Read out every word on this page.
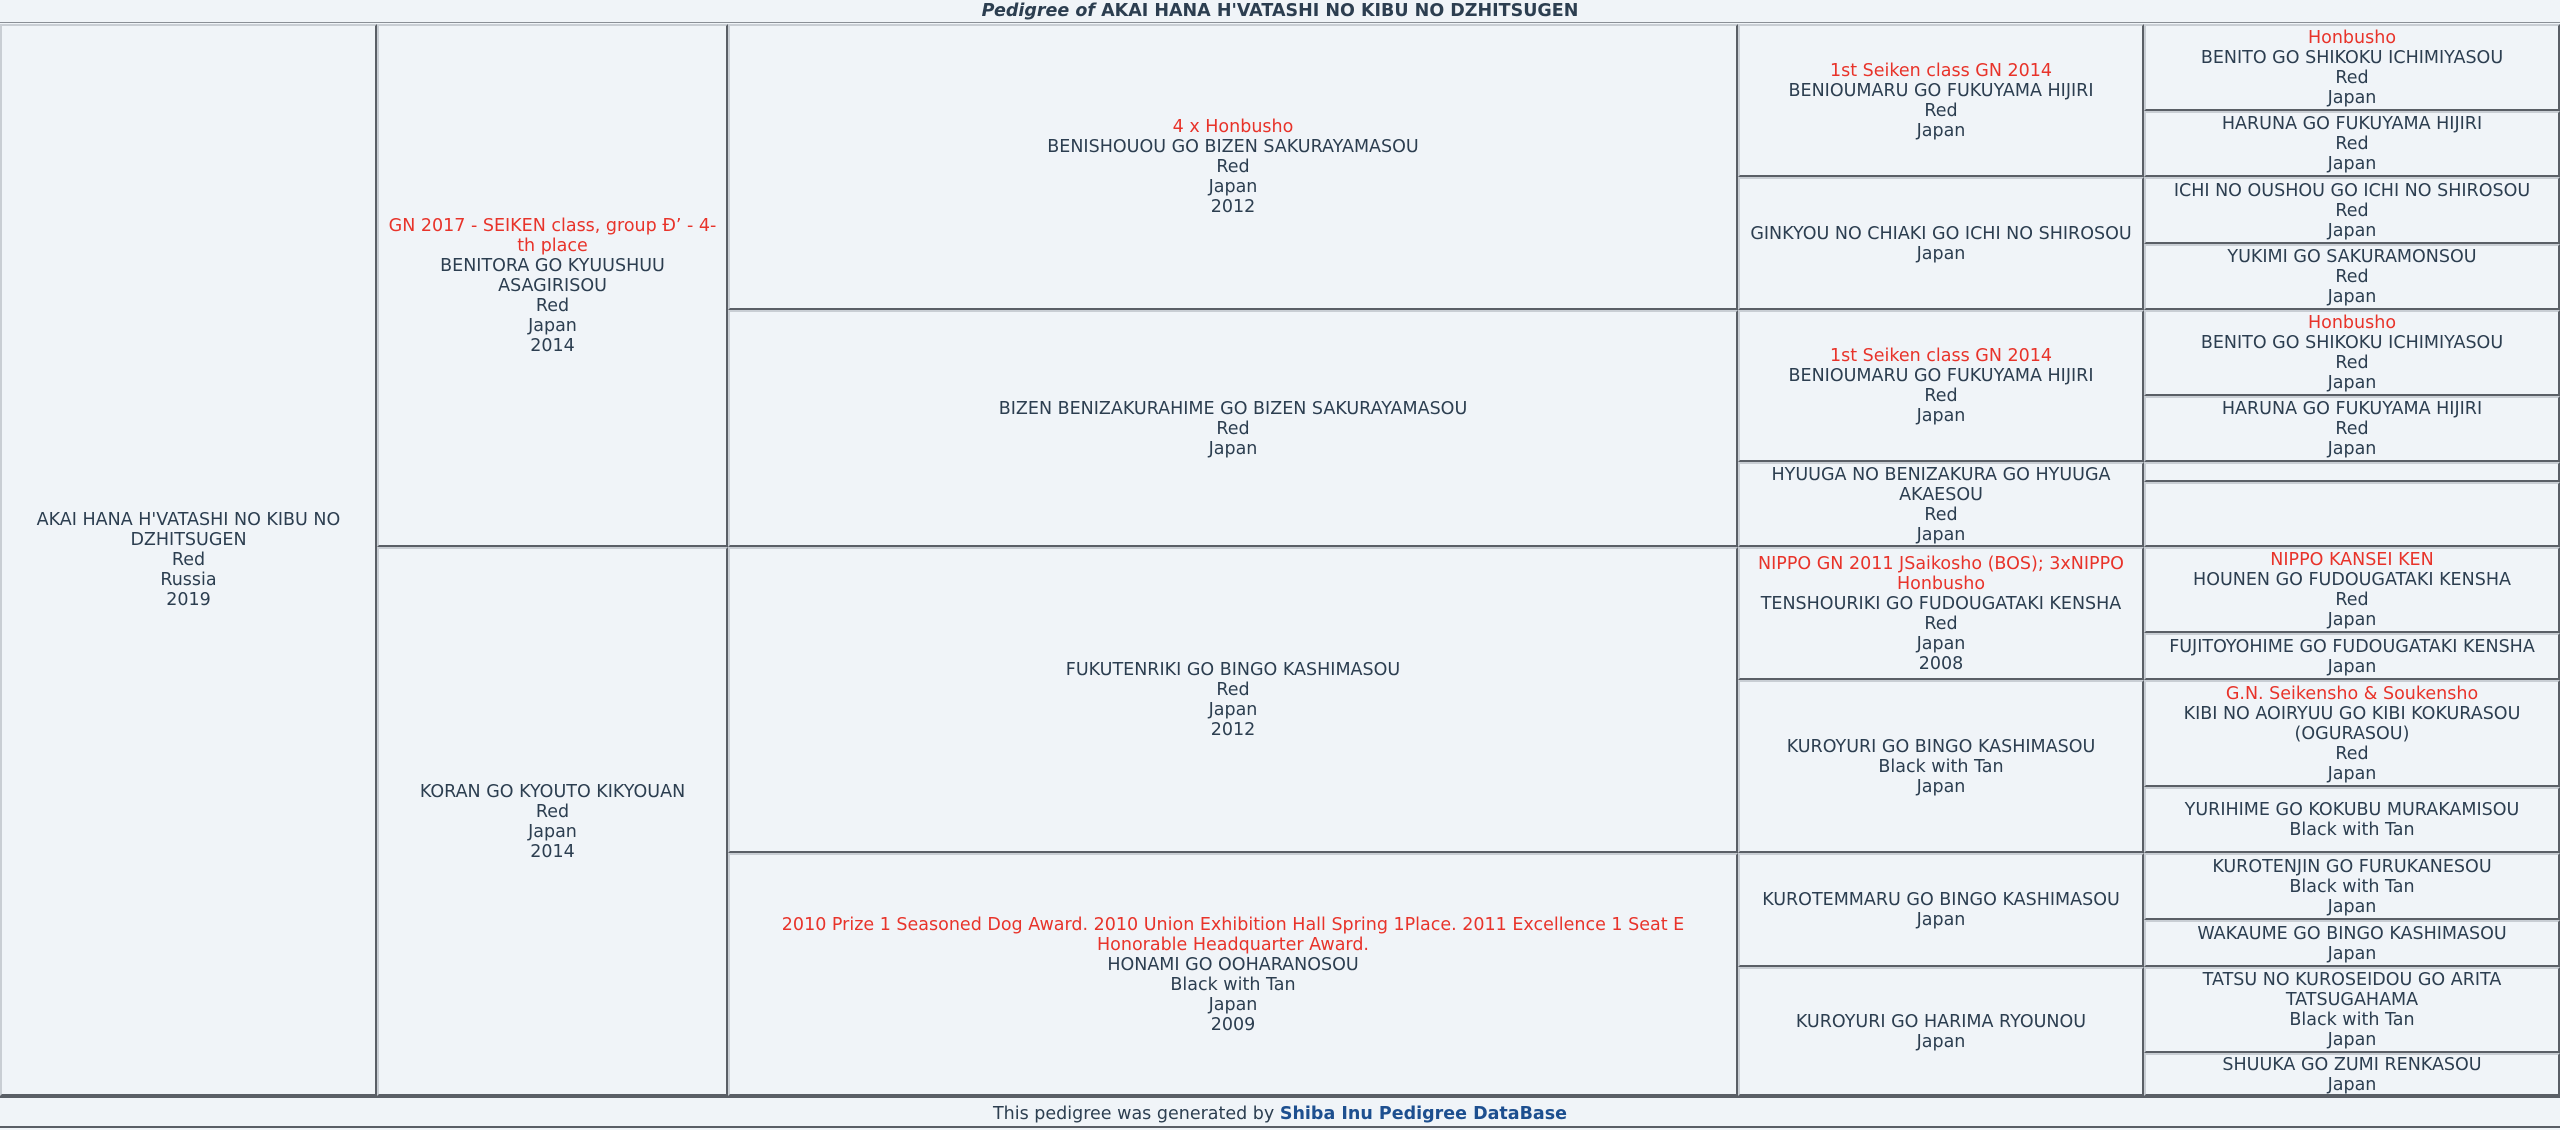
Pedigree of AKAI HANA H'VATASHI NO KIBU NO DZHITSUGEN
AKAI HANA H'VATASHI NO KIBU NO DZHITSUGEN
Red
Russia
2019
GN 2017 - SEIKEN class, group Đ’ - 4-th place
BENITORA GO KYUUSHUU ASAGIRISOU
Red
Japan
2014
KORAN GO KYOUTO KIKYOUAN
Red
Japan
2014
4 x Honbusho
BENISHOUOU GO BIZEN SAKURAYAMASOU
Red
Japan
2012
BIZEN BENIZAKURAHIME GO BIZEN SAKURAYAMASOU
Red
Japan
FUKUTENRIKI GO BINGO KASHIMASOU
Red
Japan
2012
2010 Prize 1 Seasoned Dog Award. 2010 Union Exhibition Hall Spring 1Place. 2011 Excellence 1 Seat E Honorable Headquarter Award.
HONAMI GO OOHARANOSOU
Black with Tan
Japan
2009
1st Seiken class GN 2014
BENIOUMARU GO FUKUYAMA HIJIRI
Red
Japan
GINKYOU NO CHIAKI GO ICHI NO SHIROSOU
Japan
1st Seiken class GN 2014
BENIOUMARU GO FUKUYAMA HIJIRI
Red
Japan
HYUUGA NO BENIZAKURA GO HYUUGA AKAESOU
Red
Japan
NIPPO GN 2011 JSaikosho (BOS); 3xNIPPO Honbusho
TENSHOURIKI GO FUDOUGATAKI KENSHA
Red
Japan
2008
KUROYURI GO BINGO KASHIMASOU
Black with Tan
Japan
KUROTEMMARU GO BINGO KASHIMASOU
Japan
KUROYURI GO HARIMA RYOUNOU
Japan
Honbusho
BENITO GO SHIKOKU ICHIMIYASOU
Red
Japan
HARUNA GO FUKUYAMA HIJIRI
Red
Japan
ICHI NO OUSHOU GO ICHI NO SHIROSOU
Red
Japan
YUKIMI GO SAKURAMONSOU
Red
Japan
Honbusho
BENITO GO SHIKOKU ICHIMIYASOU
Red
Japan
HARUNA GO FUKUYAMA HIJIRI
Red
Japan
NIPPO KANSEI KEN
HOUNEN GO FUDOUGATAKI KENSHA
Red
Japan
FUJITOYOHIME GO FUDOUGATAKI KENSHA
Japan
G.N. Seikensho & Soukensho
KIBI NO AOIRYUU GO KIBI KOKURASOU (OGURASOU)
Red
Japan
YURIHIME GO KOKUBU MURAKAMISOU
Black with Tan
KUROTENJIN GO FURUKANESOU
Black with Tan
Japan
WAKAUME GO BINGO KASHIMASOU
Japan
TATSU NO KUROSEIDOU GO ARITA TATSUGAHAMA
Black with Tan
Japan
SHUUKA GO ZUMI RENKASOU
Japan
This pedigree was generated by Shiba Inu Pedigree DataBase
